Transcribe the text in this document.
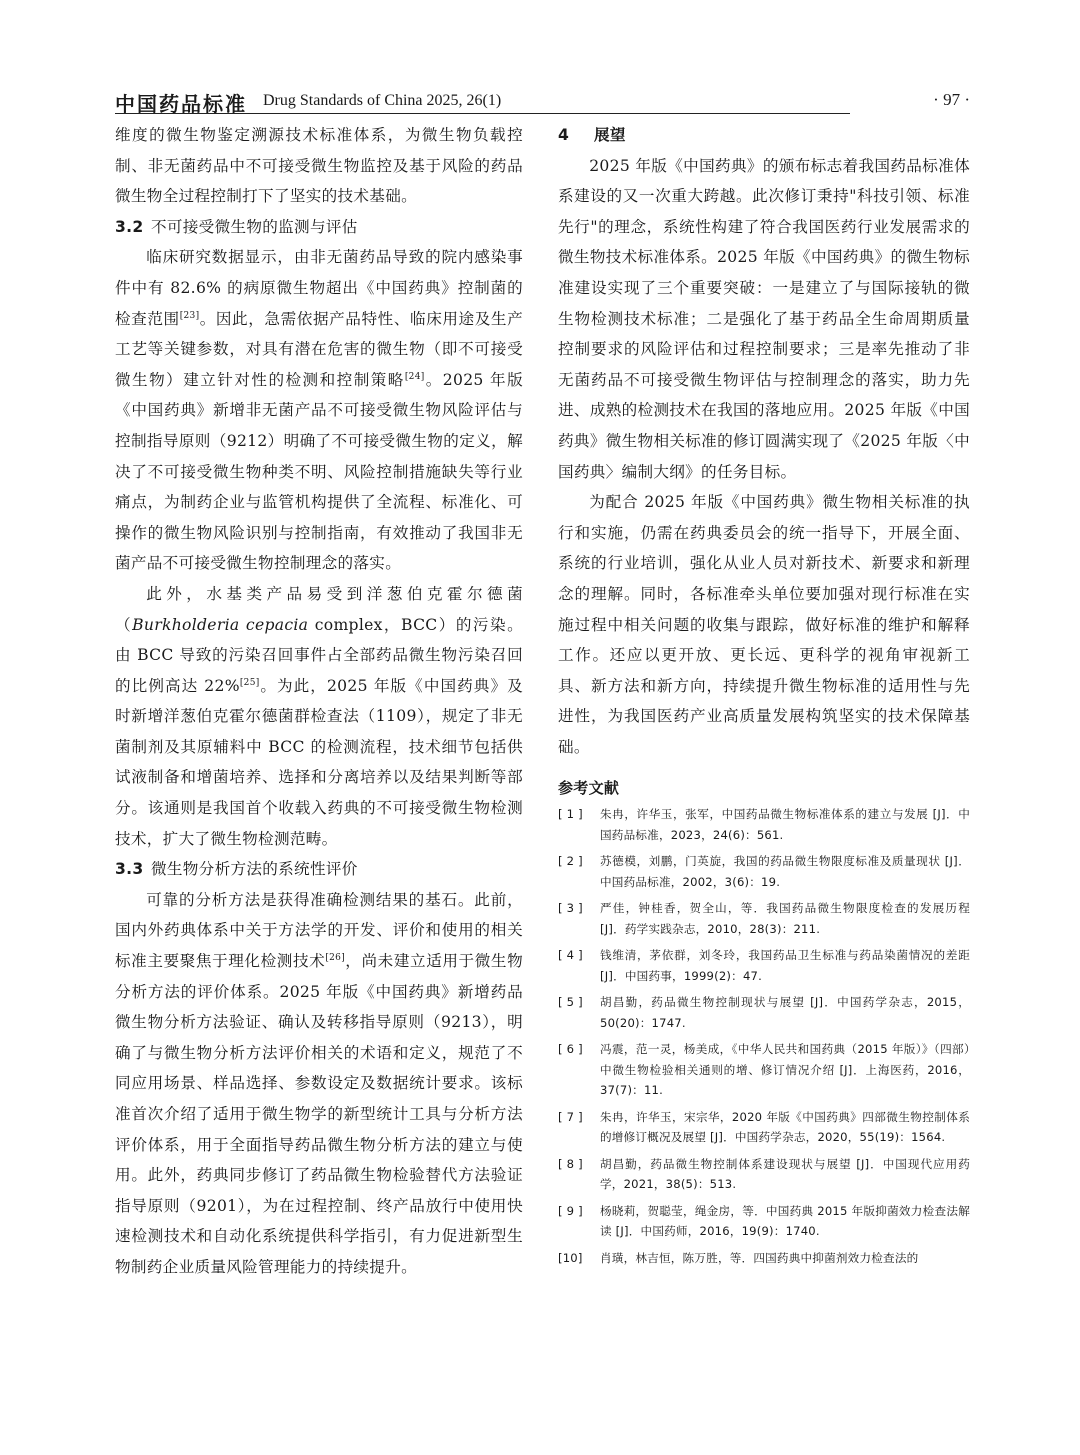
中国药品标准 Drug Standards of China 2025, 26(1)	· 97 ·

维度的微生物鉴定溯源技术标准体系，为微生物负载控制、非无菌药品中不可接受微生物监控及基于风险的药品微生物全过程控制打下了坚实的技术基础。

3.2 不可接受微生物的监测与评估

临床研究数据显示，由非无菌药品导致的院内感染事件中有 82.6% 的病原微生物超出《中国药典》控制菌的检查范围[23]。因此，急需依据产品特性、临床用途及生产工艺等关键参数，对具有潜在危害的微生物（即不可接受微生物）建立针对性的检测和控制策略[24]。2025 年版《中国药典》新增非无菌产品不可接受微生物风险评估与控制指导原则（9212）明确了不可接受微生物的定义，解决了不可接受微生物种类不明、风险控制措施缺失等行业痛点，为制药企业与监管机构提供了全流程、标准化、可操作的微生物风险识别与控制指南，有效推动了我国非无菌产品不可接受微生物控制理念的落实。

此外，水基类产品易受到洋葱伯克霍尔德菌（Burkholderia cepacia complex，BCC）的污染。由 BCC 导致的污染召回事件占全部药品微生物污染召回的比例高达 22%[25]。为此，2025 年版《中国药典》及时新增洋葱伯克霍尔德菌群检查法（1109），规定了非无菌制剂及其原辅料中 BCC 的检测流程，技术细节包括供试液制备和增菌培养、选择和分离培养以及结果判断等部分。该通则是我国首个收载入药典的不可接受微生物检测技术，扩大了微生物检测范畴。

3.3 微生物分析方法的系统性评价

可靠的分析方法是获得准确检测结果的基石。此前，国内外药典体系中关于方法学的开发、评价和使用的相关标准主要聚焦于理化检测技术[26]，尚未建立适用于微生物分析方法的评价体系。2025 年版《中国药典》新增药品微生物分析方法验证、确认及转移指导原则（9213），明确了与微生物分析方法评价相关的术语和定义，规范了不同应用场景、样品选择、参数设定及数据统计要求。该标准首次介绍了适用于微生物学的新型统计工具与分析方法评价体系，用于全面指导药品微生物分析方法的建立与使用。此外，药典同步修订了药品微生物检验替代方法验证指导原则（9201），为在过程控制、终产品放行中使用快速检测技术和自动化系统提供科学指引，有力促进新型生物制药企业质量风险管理能力的持续提升。

4 展望

2025 年版《中国药典》的颁布标志着我国药品标准体系建设的又一次重大跨越。此次修订秉持"科技引领、标准先行"的理念，系统性构建了符合我国医药行业发展需求的微生物技术标准体系。2025 年版《中国药典》的微生物标准建设实现了三个重要突破：一是建立了与国际接轨的微生物检测技术标准；二是强化了基于药品全生命周期质量控制要求的风险评估和过程控制要求；三是率先推动了非无菌药品不可接受微生物评估与控制理念的落实，助力先进、成熟的检测技术在我国的落地应用。2025 年版《中国药典》微生物相关标准的修订圆满实现了《2025 年版〈中国药典〉编制大纲》的任务目标。

为配合 2025 年版《中国药典》微生物相关标准的执行和实施，仍需在药典委员会的统一指导下，开展全面、系统的行业培训，强化从业人员对新技术、新要求和新理念的理解。同时，各标准牵头单位要加强对现行标准在实施过程中相关问题的收集与跟踪，做好标准的维护和解释工作。还应以更开放、更长远、更科学的视角审视新工具、新方法和新方向，持续提升微生物标准的适用性与先进性，为我国医药产业高质量发展构筑坚实的技术保障基础。

参考文献
[ 1 ]	朱冉，许华玉，张军，中国药品微生物标准体系的建立与发展 [J]．中国药品标准，2023，24(6)：561.
[ 2 ]	苏德模，刘鹏，门英旋，我国的药品微生物限度标准及质量现状 [J]．中国药品标准，2002，3(6)：19.
[ 3 ]	严佳，钟桂香，贺全山，等．我国药品微生物限度检查的发展历程 [J]．药学实践杂志，2010，28(3)：211.
[ 4 ]	钱维清，茅依群，刘冬玲，我国药品卫生标准与药品染菌情况的差距 [J]．中国药事，1999(2)：47.
[ 5 ]	胡昌勤，药品微生物控制现状与展望 [J]．中国药学杂志，2015，50(20)：1747.
[ 6 ]	冯震，范一灵，杨美成，《中华人民共和国药典（2015 年版）》（四部）中微生物检验相关通则的增、修订情况介绍 [J]．上海医药，2016，37(7)：11.
[ 7 ]	朱冉，许华玉，宋宗华，2020 年版《中国药典》四部微生物控制体系的增修订概况及展望 [J]．中国药学杂志，2020，55(19)：1564.
[ 8 ]	胡昌勤，药品微生物控制体系建设现状与展望 [J]．中国现代应用药学，2021，38(5)：513.
[ 9 ]	杨晓莉，贺聪莹，绳金房，等．中国药典 2015 年版抑菌效力检查法解读 [J]．中国药师，2016，19(9)：1740.
[10]	肖璜，林吉恒，陈万胜，等．四国药典中抑菌剂效力检查法的
